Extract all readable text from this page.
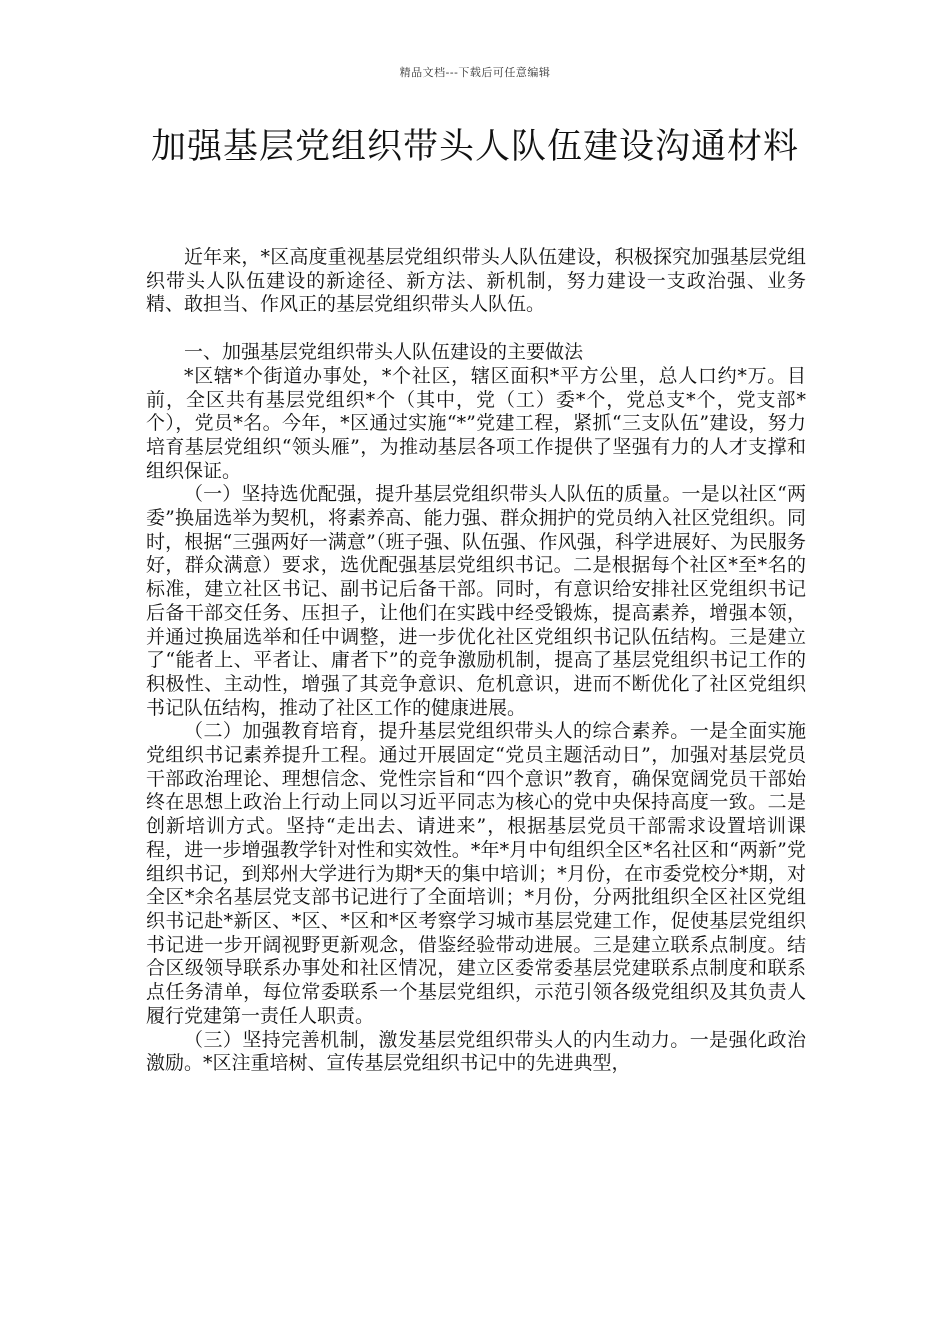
精品文档---下载后可任意编辑
加强基层党组织带头人队伍建设沟通材料

近年来，*区高度重视基层党组织带头人队伍建设，积极探究加强基层党组织带头人队伍建设的新途径、新方法、新机制，努力建设一支政治强、业务精、敢担当、作风正的基层党组织带头人队伍。

一、加强基层党组织带头人队伍建设的主要做法

*区辖*个街道办事处，*个社区，辖区面积*平方公里，总人口约*万。目前，全区共有基层党组织*个（其中，党（工）委*个，党总支*个，党支部*个），党员*名。今年，*区通过实施“*”党建工程，紧抓“三支队伍”建设，努力培育基层党组织“领头雁”，为推动基层各项工作提供了坚强有力的人才支撑和组织保证。

（一）坚持选优配强，提升基层党组织带头人队伍的质量。一是以社区“两委”换届选举为契机，将素养高、能力强、群众拥护的党员纳入社区党组织。同时，根据“三强两好一满意”（班子强、队伍强、作风强，科学进展好、为民服务好，群众满意）要求，选优配强基层党组织书记。二是根据每个社区*至*名的标准，建立社区书记、副书记后备干部。同时，有意识给安排社区党组织书记后备干部交任务、压担子，让他们在实践中经受锻炼，提高素养，增强本领，并通过换届选举和任中调整，进一步优化社区党组织书记队伍结构。三是建立了“能者上、平者让、庸者下”的竞争激励机制，提高了基层党组织书记工作的积极性、主动性，增强了其竞争意识、危机意识，进而不断优化了社区党组织书记队伍结构，推动了社区工作的健康进展。

（二）加强教育培育，提升基层党组织带头人的综合素养。一是全面实施党组织书记素养提升工程。通过开展固定“党员主题活动日”，加强对基层党员干部政治理论、理想信念、党性宗旨和“四个意识”教育，确保宽阔党员干部始终在思想上政治上行动上同以习近平同志为核心的党中央保持高度一致。二是创新培训方式。坚持“走出去、请进来”，根据基层党员干部需求设置培训课程，进一步增强教学针对性和实效性。*年*月中旬组织全区*名社区和“两新”党组织书记，到郑州大学进行为期*天的集中培训；*月份，在市委党校分*期，对全区*余名基层党支部书记进行了全面培训；*月份，分两批组织全区社区党组织书记赴*新区、*区、*区和*区考察学习城市基层党建工作，促使基层党组织书记进一步开阔视野更新观念，借鉴经验带动进展。三是建立联系点制度。结合区级领导联系办事处和社区情况，建立区委常委基层党建联系点制度和联系点任务清单，每位常委联系一个基层党组织，示范引领各级党组织及其负责人履行党建第一责任人职责。

（三）坚持完善机制，激发基层党组织带头人的内生动力。一是强化政治激励。*区注重培树、宣传基层党组织书记中的先进典型，
